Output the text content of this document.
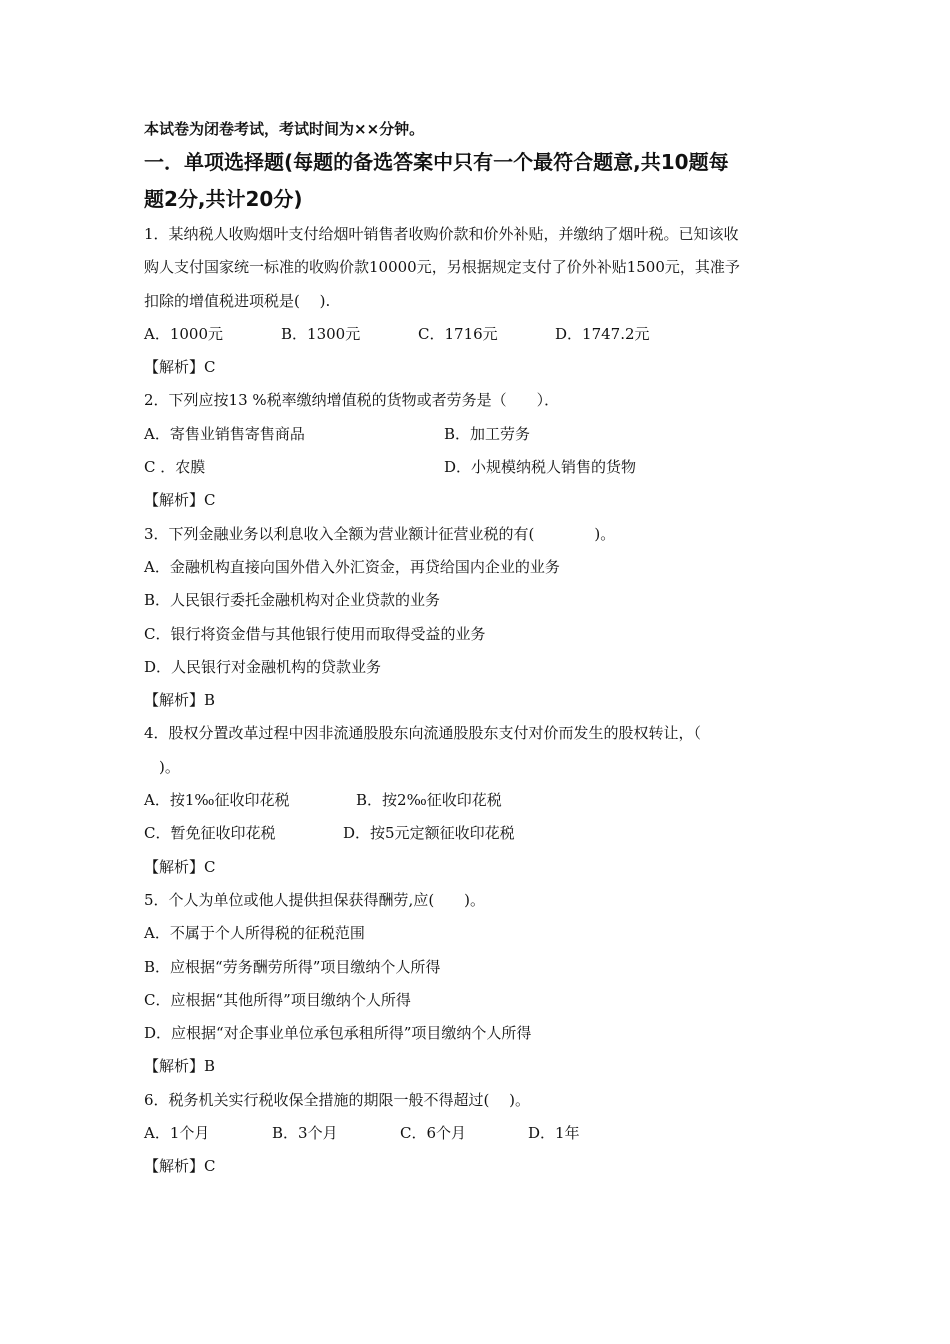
本试卷为闭卷考试，考试时间为××分钟。

一．单项选择题(每题的备选答案中只有一个最符合题意,共10题每
题2分,共计20分)

1．某纳税人收购烟叶支付给烟叶销售者收购价款和价外补贴，并缴纳了烟叶税。已知该收

购人支付国家统一标准的收购价款10000元，另根据规定支付了价外补贴1500元，其准予

扣除的增值税进项税是(　 ).

A．1000元	B．1300元	C．1716元	D．1747.2元

【解析】C

2．下列应按13 %税率缴纳增值税的货物或者劳务是（　　）．

A．寄售业销售寄售商品	B．加工劳务
C ．农膜	D．小规模纳税人销售的货物

【解析】C

3．下列金融业务以利息收入全额为营业额计征营业税的有(　　　　)。

A．金融机构直接向国外借入外汇资金，再贷给国内企业的业务

B．人民银行委托金融机构对企业贷款的业务

C．银行将资金借与其他银行使用而取得受益的业务

D．人民银行对金融机构的贷款业务

【解析】B

4．股权分置改革过程中因非流通股股东向流通股股东支付对价而发生的股权转让，（

　)。

A．按1‰征收印花税	B．按2‰征收印花税
C．暂免征收印花税	D．按5元定额征收印花税

【解析】C

5．个人为单位或他人提供担保获得酬劳,应(　　)。

A．不属于个人所得税的征税范围

B．应根据“劳务酬劳所得”项目缴纳个人所得

C．应根据“其他所得”项目缴纳个人所得

D．应根据“对企事业单位承包承租所得”项目缴纳个人所得

【解析】B

6．税务机关实行税收保全措施的期限一般不得超过(　 )。

A．1个月	B．3个月	C．6个月	D．1年

【解析】C
